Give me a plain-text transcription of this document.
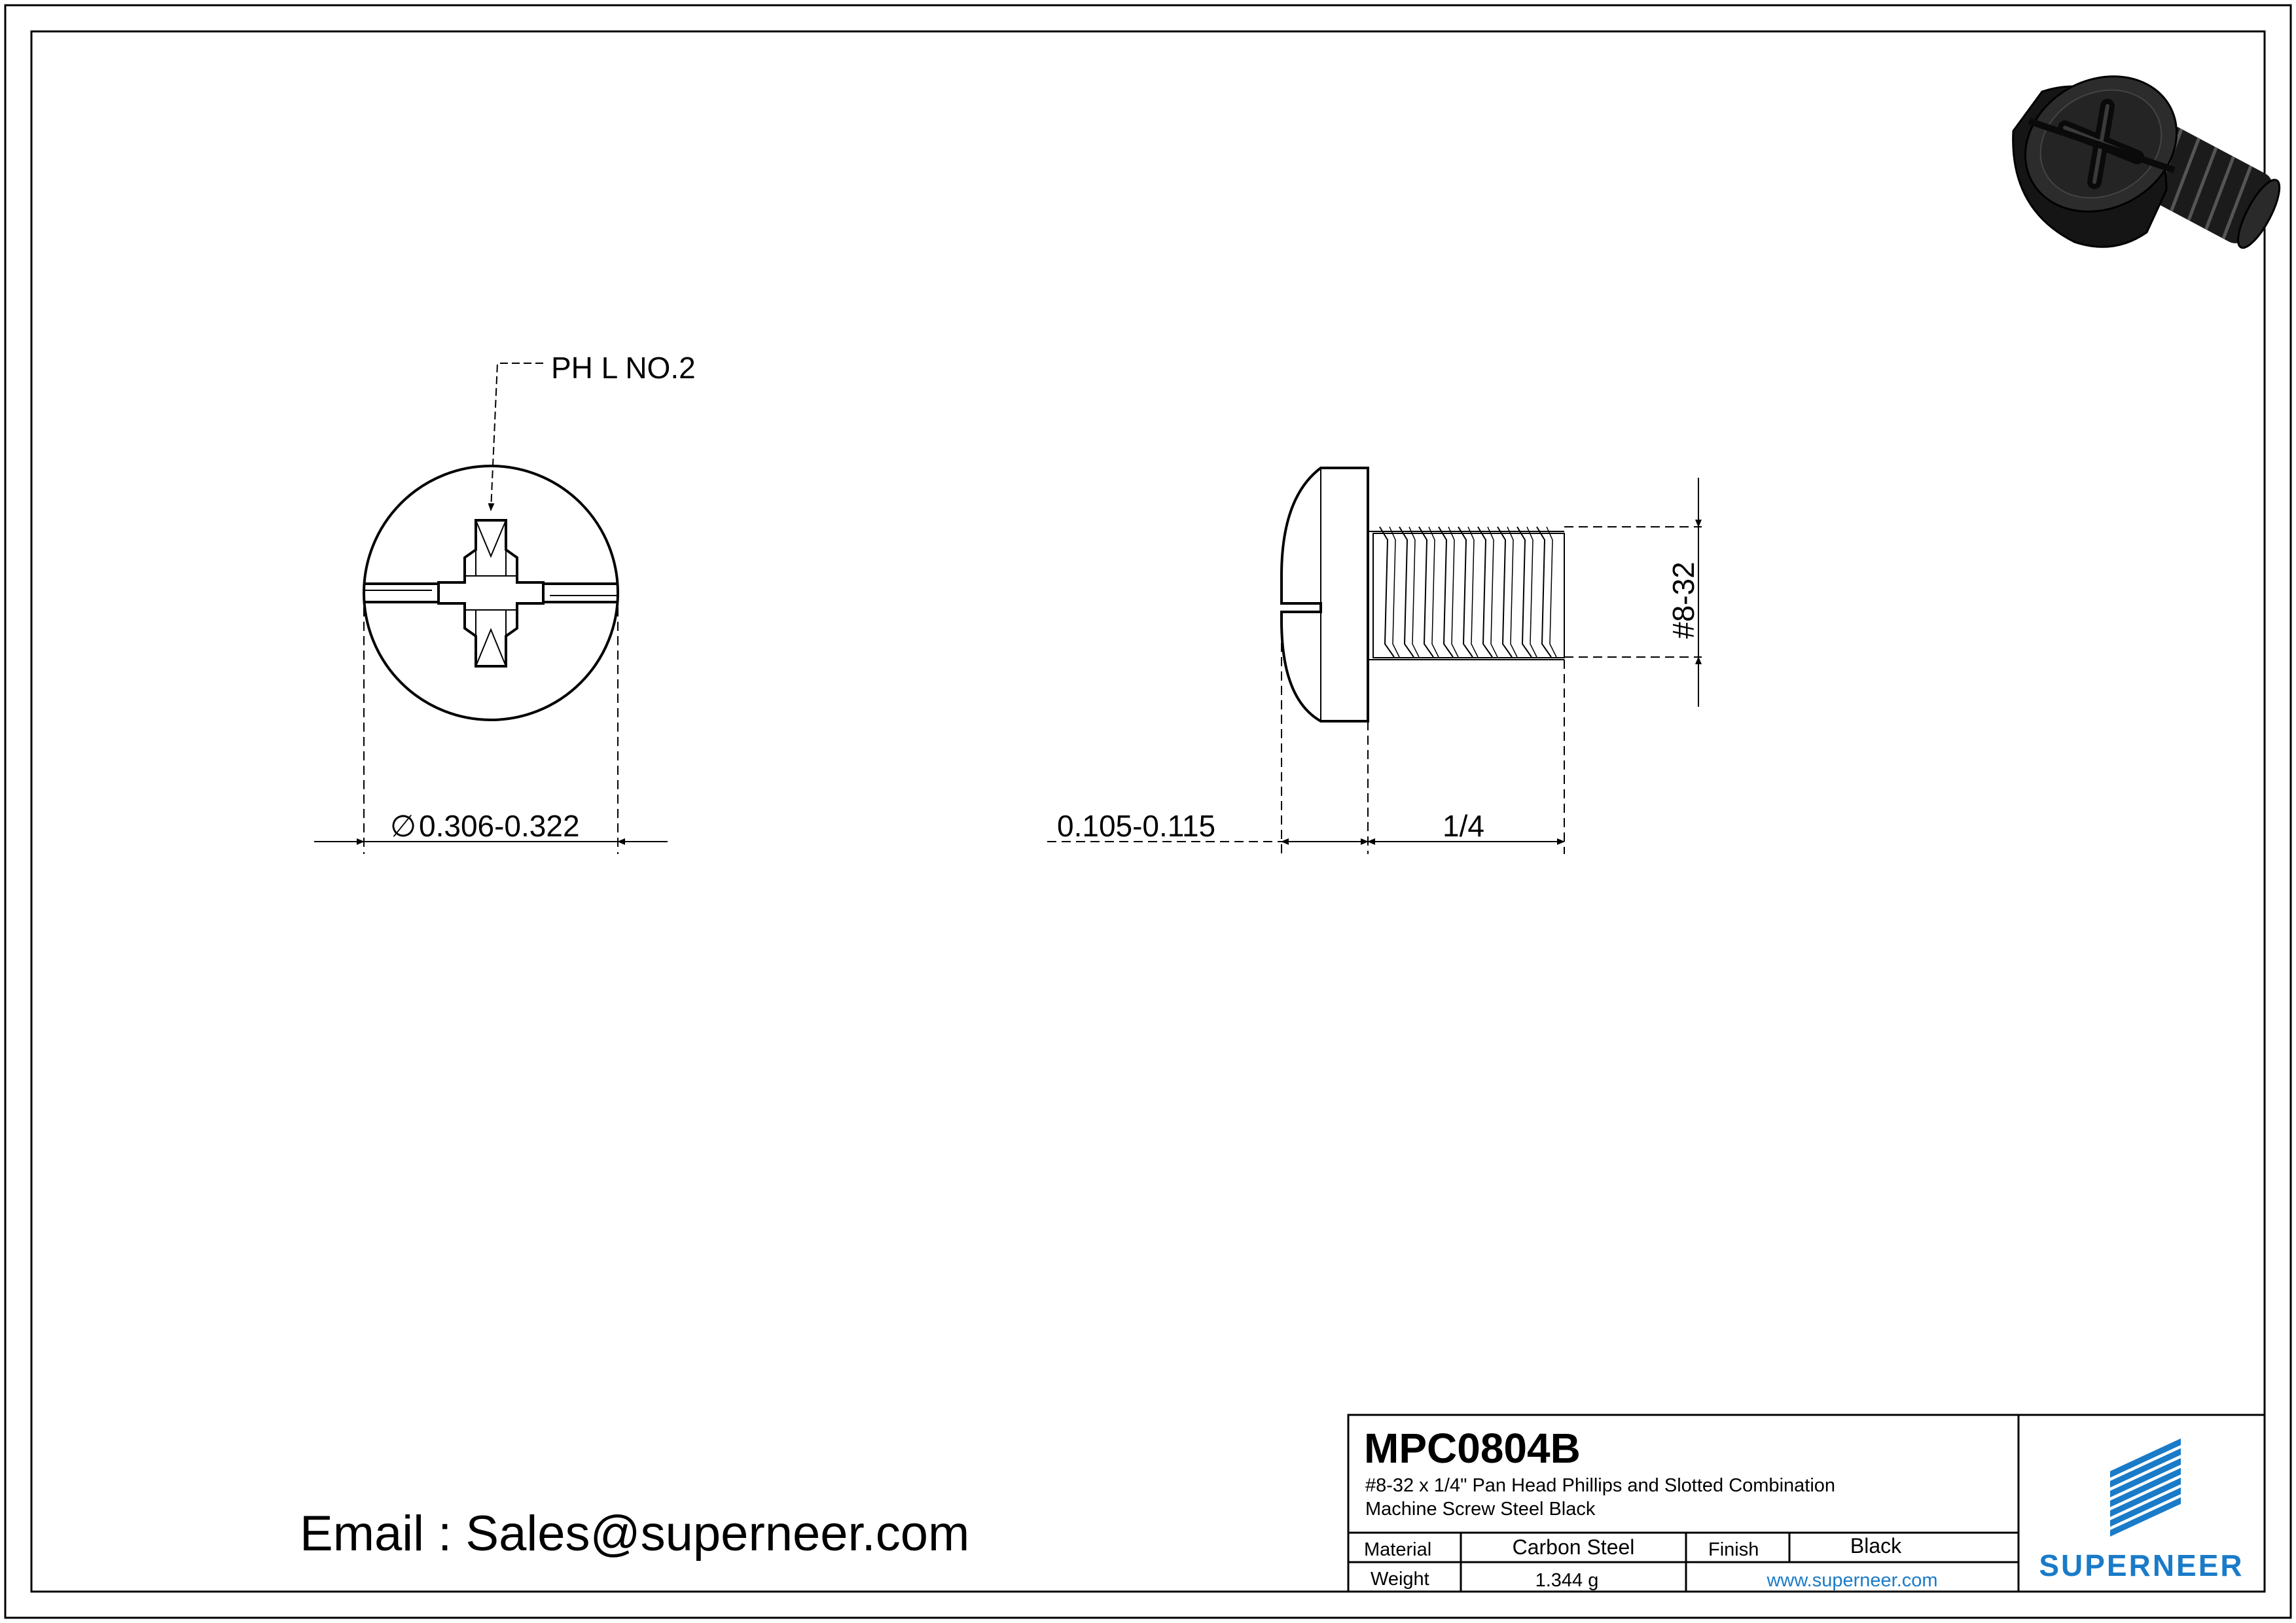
PH L NO.2
∅ 0.306-0.322	0.105-0.115	1/4
#8-32
MPC0804B
#8-32 x 1/4" Pan Head Phillips and Slotted Combination
Machine Screw Steel Black
Material	Carbon Steel	Finish	Black
Weight	1.344 g	www.superneer.com	SUPERNEER
Email : Sales@superneer.com
